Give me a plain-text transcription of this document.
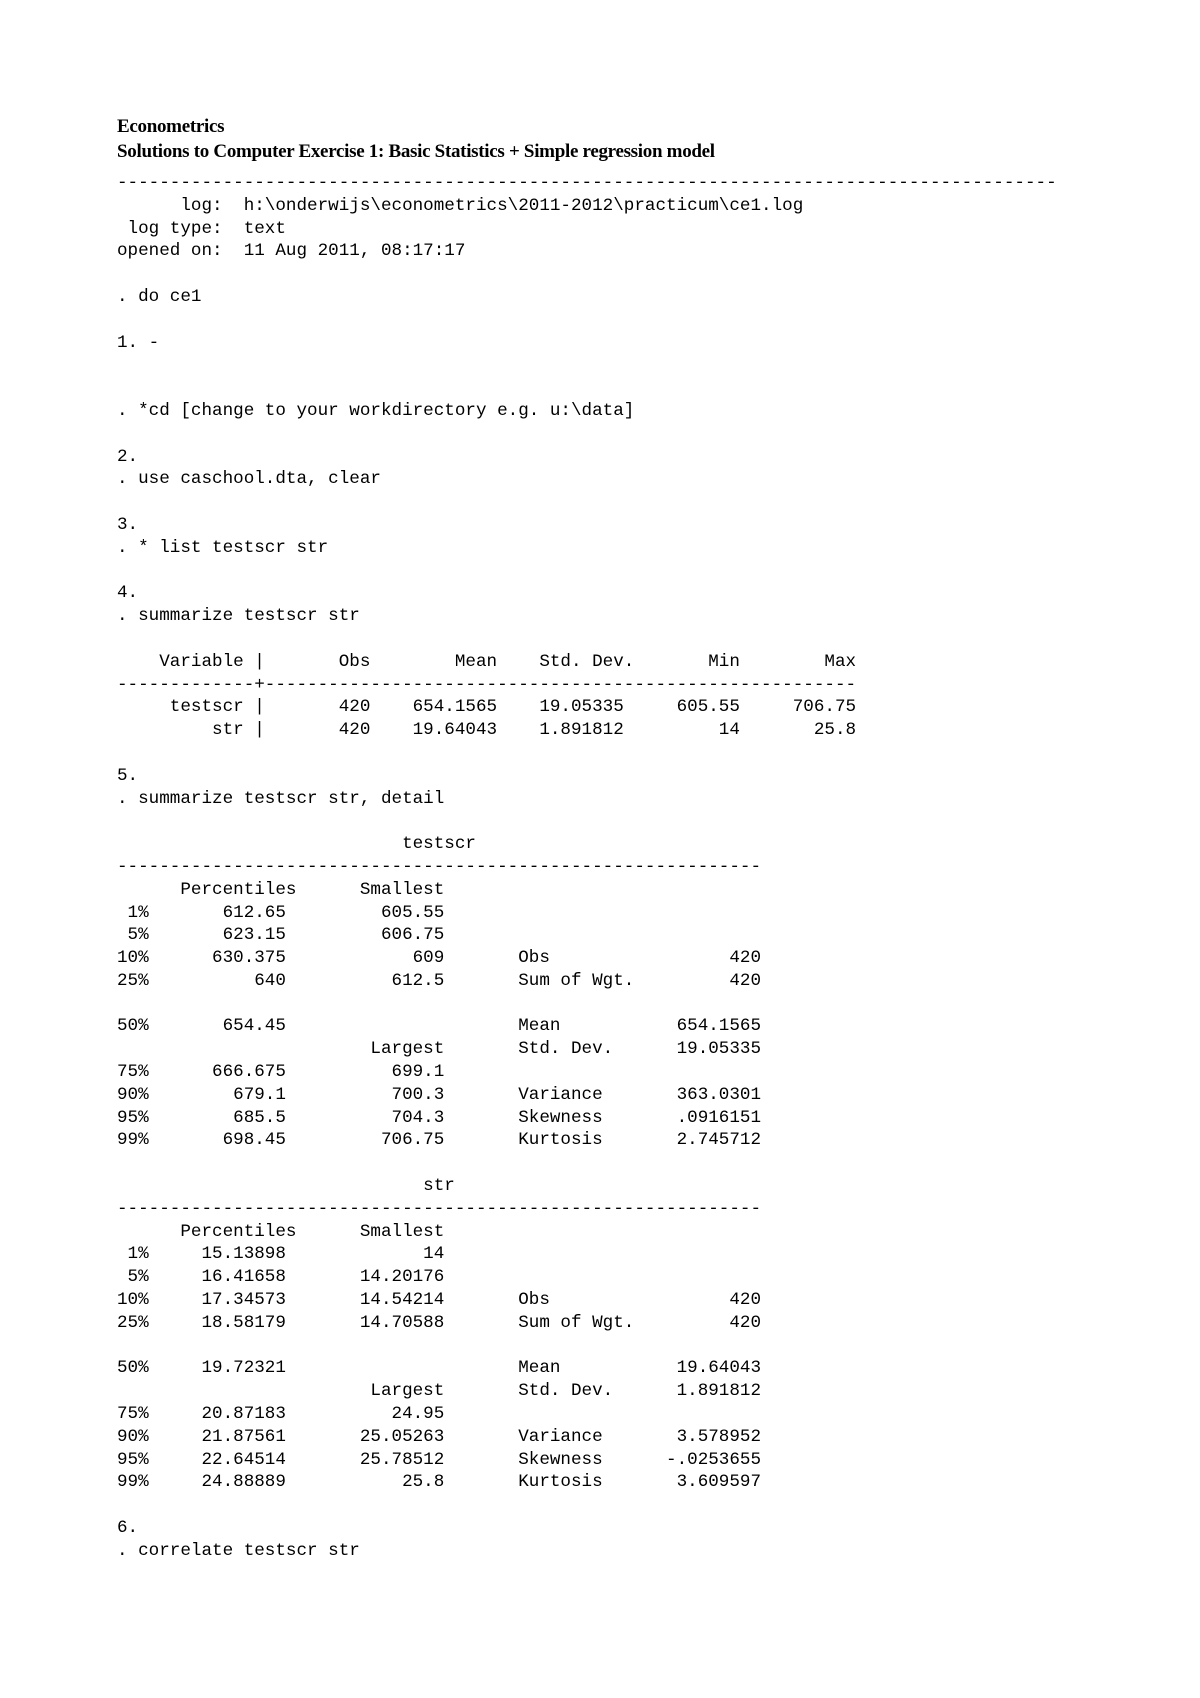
Econometrics
Solutions to Computer Exercise 1: Basic Statistics + Simple regression model
-----------------------------------------------------------------------------------------
log:  h:\onderwijs\econometrics\2011-2012\practicum\ce1.log
log type:  text
opened on:  11 Aug 2011, 08:17:17
. do ce1
1. -
. *cd [change to your workdirectory e.g. u:\data]
2.
. use caschool.dta, clear
3.
. * list testscr str
4.
. summarize testscr str
Variable |       Obs        Mean    Std. Dev.       Min        Max
-------------+--------------------------------------------------------
testscr |       420    654.1565    19.05335     605.55     706.75
str |       420    19.64043    1.891812         14       25.8
5.
. summarize testscr str, detail
testscr
-------------------------------------------------------------
Percentiles      Smallest
1%       612.65         605.55
5%       623.15         606.75
10%      630.375            609       Obs                 420
25%          640          612.5       Sum of Wgt.         420
50%       654.45                      Mean           654.1565
Largest       Std. Dev.      19.05335
75%      666.675          699.1
90%        679.1          700.3       Variance       363.0301
95%        685.5          704.3       Skewness       .0916151
99%       698.45         706.75       Kurtosis       2.745712
str
-------------------------------------------------------------
Percentiles      Smallest
1%     15.13898             14
5%     16.41658       14.20176
10%     17.34573       14.54214       Obs                 420
25%     18.58179       14.70588       Sum of Wgt.         420
50%     19.72321                      Mean           19.64043
Largest       Std. Dev.      1.891812
75%     20.87183          24.95
90%     21.87561       25.05263       Variance       3.578952
95%     22.64514       25.78512       Skewness      -.0253655
99%     24.88889           25.8       Kurtosis       3.609597
6.
. correlate testscr str
